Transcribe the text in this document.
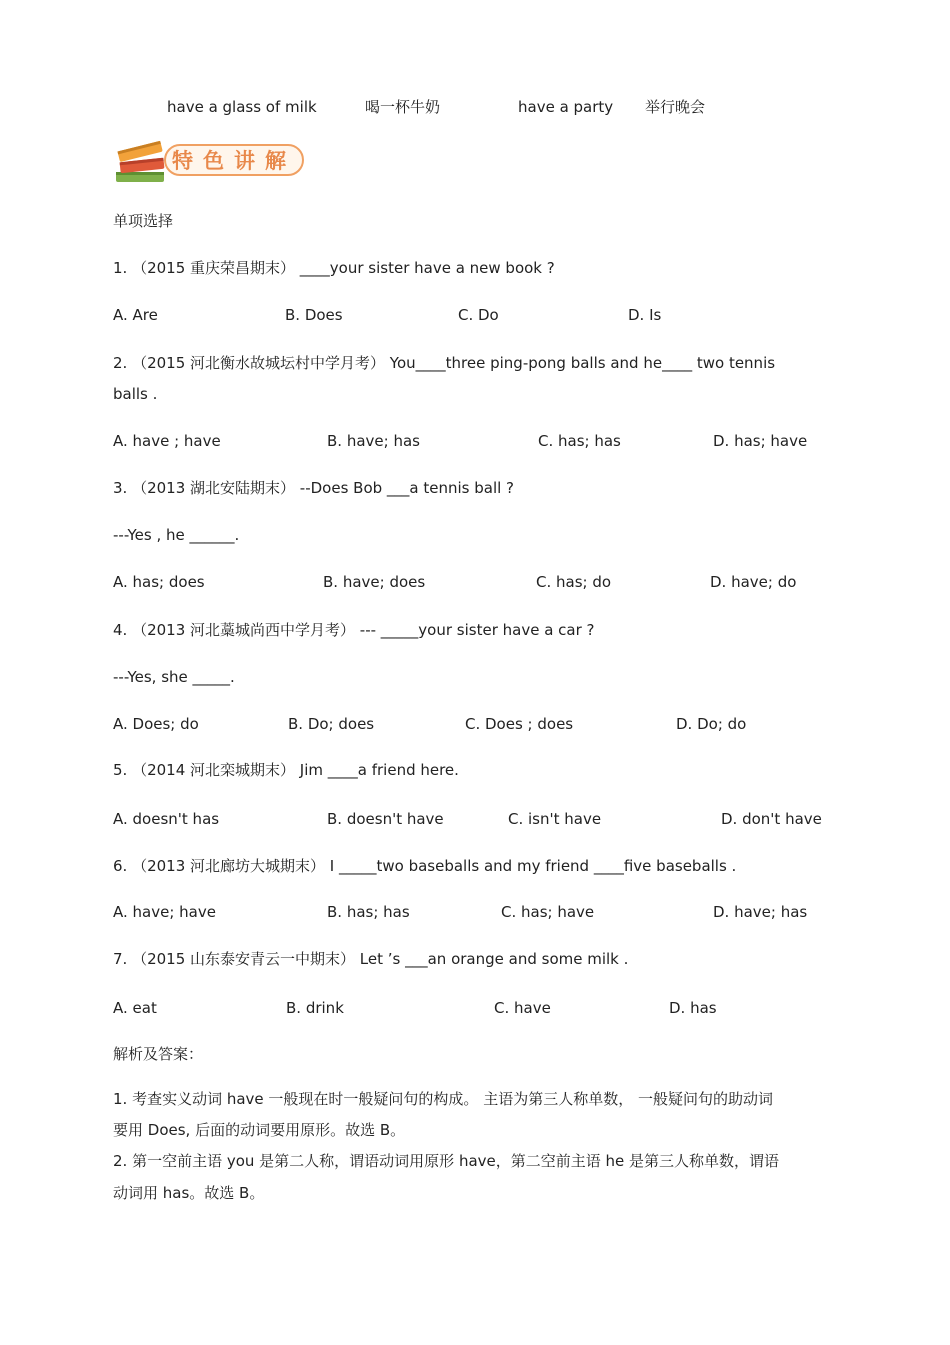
have a glass of milk	喝一杯牛奶	have a party 举行晚会
特色讲解
单项选择
1. （2015 重庆荣昌期末） ____your sister have a new book ?
A. Are	B. Does	C. Do	D. Is
2. （2015 河北衡水故城坛村中学月考） You____three ping-pong balls and he____ two tennis
balls .
A. have ; have	B. have; has	C. has; has	D. has; have
3. （2013 湖北安陆期末） --Does Bob ___a tennis ball ?
---Yes , he ______.
A. has; does	B. have; does	C. has; do	D. have; do
4. （2013 河北藁城尚西中学月考） --- _____your sister have a car ?
---Yes, she _____.
A. Does; do	B. Do; does	C. Does ; does	D. Do; do
5. （2014 河北栾城期末） Jim ____a friend here.
A. doesn't has	B. doesn't have	C. isn't have	D. don't have
6. （2013 河北廊坊大城期末） I _____two baseballs and my friend ____five baseballs .
A. have; have	B. has; has	C. has; have	D. have; has
7. （2015 山东泰安青云一中期末） Let ’s ___an orange and some milk .
A. eat	B. drink	C. have	D. has
解析及答案：
1. 考查实义动词 have 一般现在时一般疑问句的构成。 主语为第三人称单数， 一般疑问句的助动词
要用 Does, 后面的动词要用原形。故选 B。
2. 第一空前主语 you 是第二人称，谓语动词用原形 have，第二空前主语 he 是第三人称单数，谓语
动词用 has。故选 B。
